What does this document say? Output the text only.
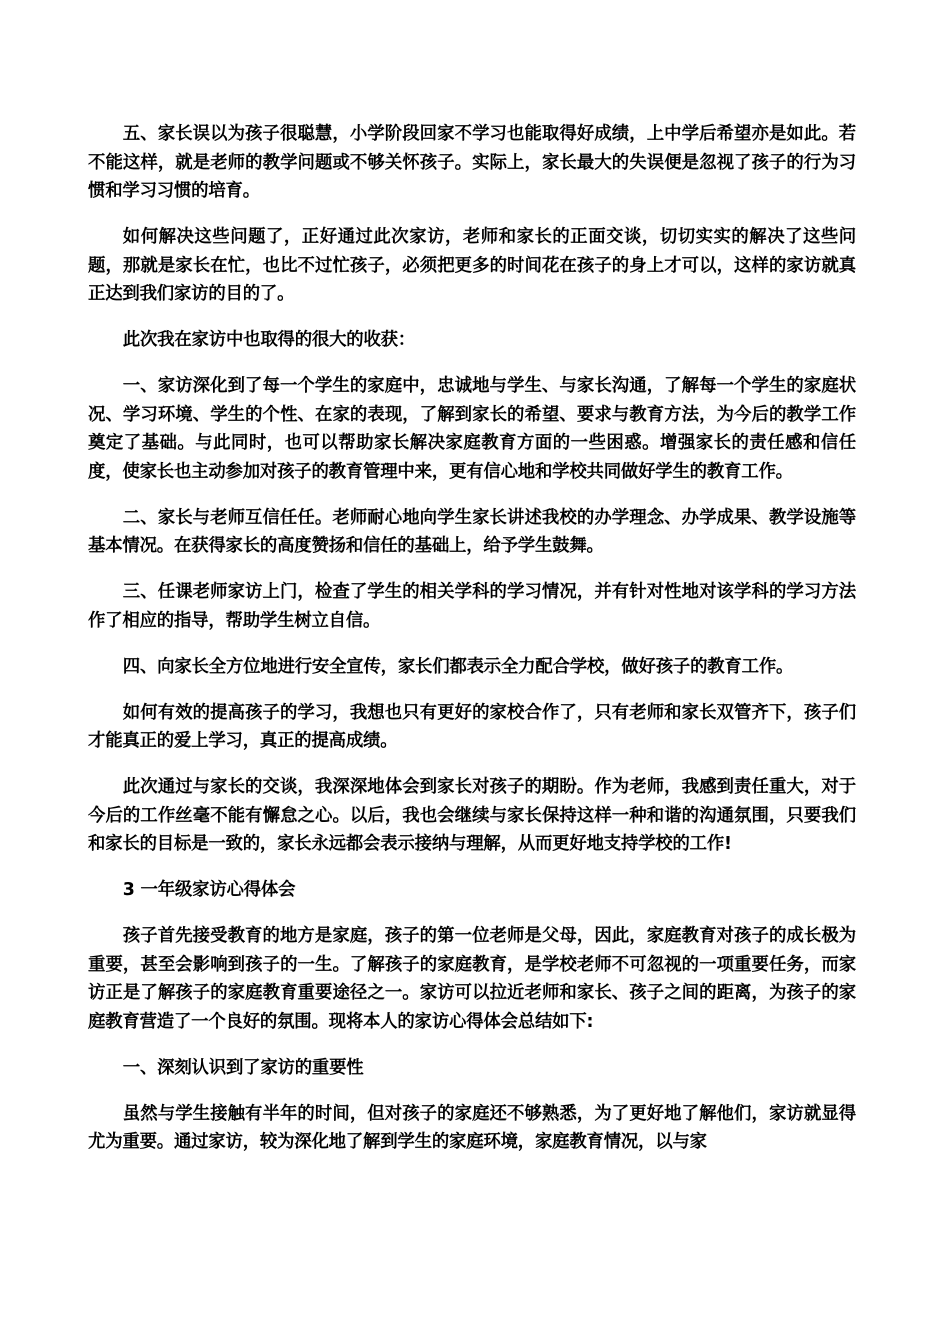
五、家长误以为孩子很聪慧，小学阶段回家不学习也能取得好成绩，上中学后希望亦是如此。若不能这样，就是老师的教学问题或不够关怀孩子。实际上，家长最大的失误便是忽视了孩子的行为习惯和学习习惯的培育。

如何解决这些问题了，正好通过此次家访，老师和家长的正面交谈，切切实实的解决了这些问题，那就是家长在忙，也比不过忙孩子，必须把更多的时间花在孩子的身上才可以，这样的家访就真正达到我们家访的目的了。

此次我在家访中也取得的很大的收获：

一、家访深化到了每一个学生的家庭中，忠诚地与学生、与家长沟通，了解每一个学生的家庭状况、学习环境、学生的个性、在家的表现，了解到家长的希望、要求与教育方法，为今后的教学工作奠定了基础。与此同时，也可以帮助家长解决家庭教育方面的一些困惑。增强家长的责任感和信任度，使家长也主动参加对孩子的教育管理中来，更有信心地和学校共同做好学生的教育工作。

二、家长与老师互信任任。老师耐心地向学生家长讲述我校的办学理念、办学成果、教学设施等基本情况。在获得家长的高度赞扬和信任的基础上，给予学生鼓舞。

三、任课老师家访上门，检查了学生的相关学科的学习情况，并有针对性地对该学科的学习方法作了相应的指导，帮助学生树立自信。

四、向家长全方位地进行安全宣传，家长们都表示全力配合学校，做好孩子的教育工作。

如何有效的提高孩子的学习，我想也只有更好的家校合作了，只有老师和家长双管齐下，孩子们才能真正的爱上学习，真正的提高成绩。

此次通过与家长的交谈，我深深地体会到家长对孩子的期盼。作为老师，我感到责任重大，对于今后的工作丝毫不能有懈怠之心。以后，我也会继续与家长保持这样一种和谐的沟通氛围，只要我们和家长的目标是一致的，家长永远都会表示接纳与理解，从而更好地支持学校的工作!

3 一年级家访心得体会

孩子首先接受教育的地方是家庭，孩子的第一位老师是父母，因此，家庭教育对孩子的成长极为重要，甚至会影响到孩子的一生。了解孩子的家庭教育，是学校老师不可忽视的一项重要任务，而家访正是了解孩子的家庭教育重要途径之一。家访可以拉近老师和家长、孩子之间的距离，为孩子的家庭教育营造了一个良好的氛围。现将本人的家访心得体会总结如下:

一、深刻认识到了家访的重要性

虽然与学生接触有半年的时间，但对孩子的家庭还不够熟悉，为了更好地了解他们，家访就显得尤为重要。通过家访，较为深化地了解到学生的家庭环境，家庭教育情况，以与家
